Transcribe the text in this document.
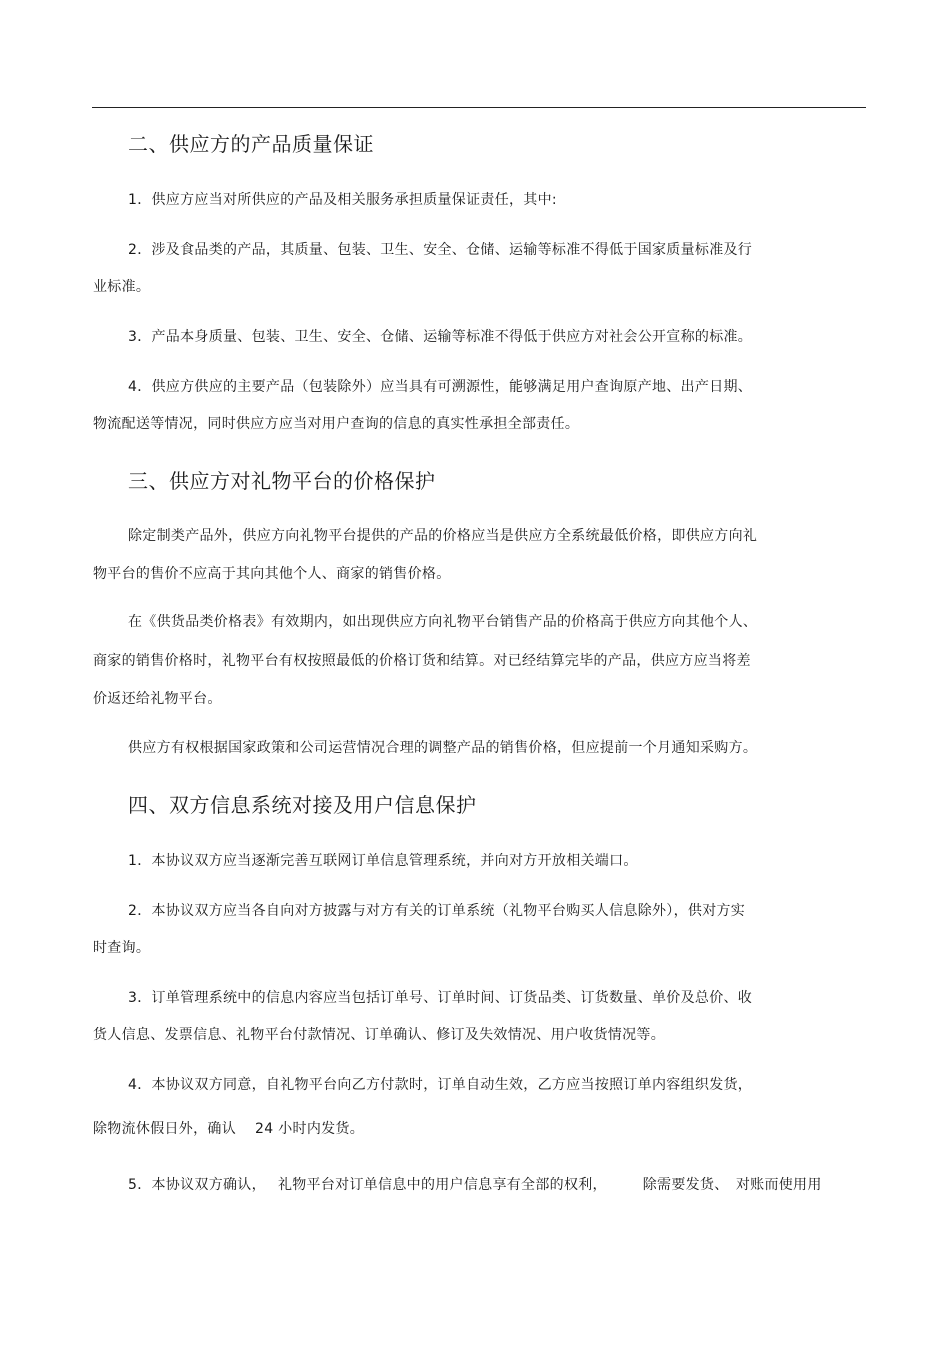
二、供应方的产品质量保证
1．供应方应当对所供应的产品及相关服务承担质量保证责任，其中:
2．涉及食品类的产品，其质量、包装、卫生、安全、仓储、运输等标准不得低于国家质量标准及行
业标准。
3．产品本身质量、包装、卫生、安全、仓储、运输等标准不得低于供应方对社会公开宣称的标准。
4．供应方供应的主要产品（包装除外）应当具有可溯源性，能够满足用户查询原产地、出产日期、
物流配送等情况，同时供应方应当对用户查询的信息的真实性承担全部责任。
三、供应方对礼物平台的价格保护
除定制类产品外，供应方向礼物平台提供的产品的价格应当是供应方全系统最低价格，即供应方向礼
物平台的售价不应高于其向其他个人、商家的销售价格。
在《供货品类价格表》有效期内，如出现供应方向礼物平台销售产品的价格高于供应方向其他个人、
商家的销售价格时，礼物平台有权按照最低的价格订货和结算。对已经结算完毕的产品，供应方应当将差
价返还给礼物平台。
供应方有权根据国家政策和公司运营情况合理的调整产品的销售价格，但应提前一个月通知采购方。
四、双方信息系统对接及用户信息保护
1．本协议双方应当逐渐完善互联网订单信息管理系统，并向对方开放相关端口。
2．本协议双方应当各自向对方披露与对方有关的订单系统（礼物平台购买人信息除外），供对方实
时查询。
3．订单管理系统中的信息内容应当包括订单号、订单时间、订货品类、订货数量、单价及总价、收
货人信息、发票信息、礼物平台付款情况、订单确认、修订及失效情况、用户收货情况等。
4．本协议双方同意，自礼物平台向乙方付款时，订单自动生效，乙方应当按照订单内容组织发货，
除物流休假日外，确认　 24 小时内发货。
5．本协议双方确认，　 礼物平台对订单信息中的用户信息享有全部的权利，　　　除需要发货、　对账而使用用
